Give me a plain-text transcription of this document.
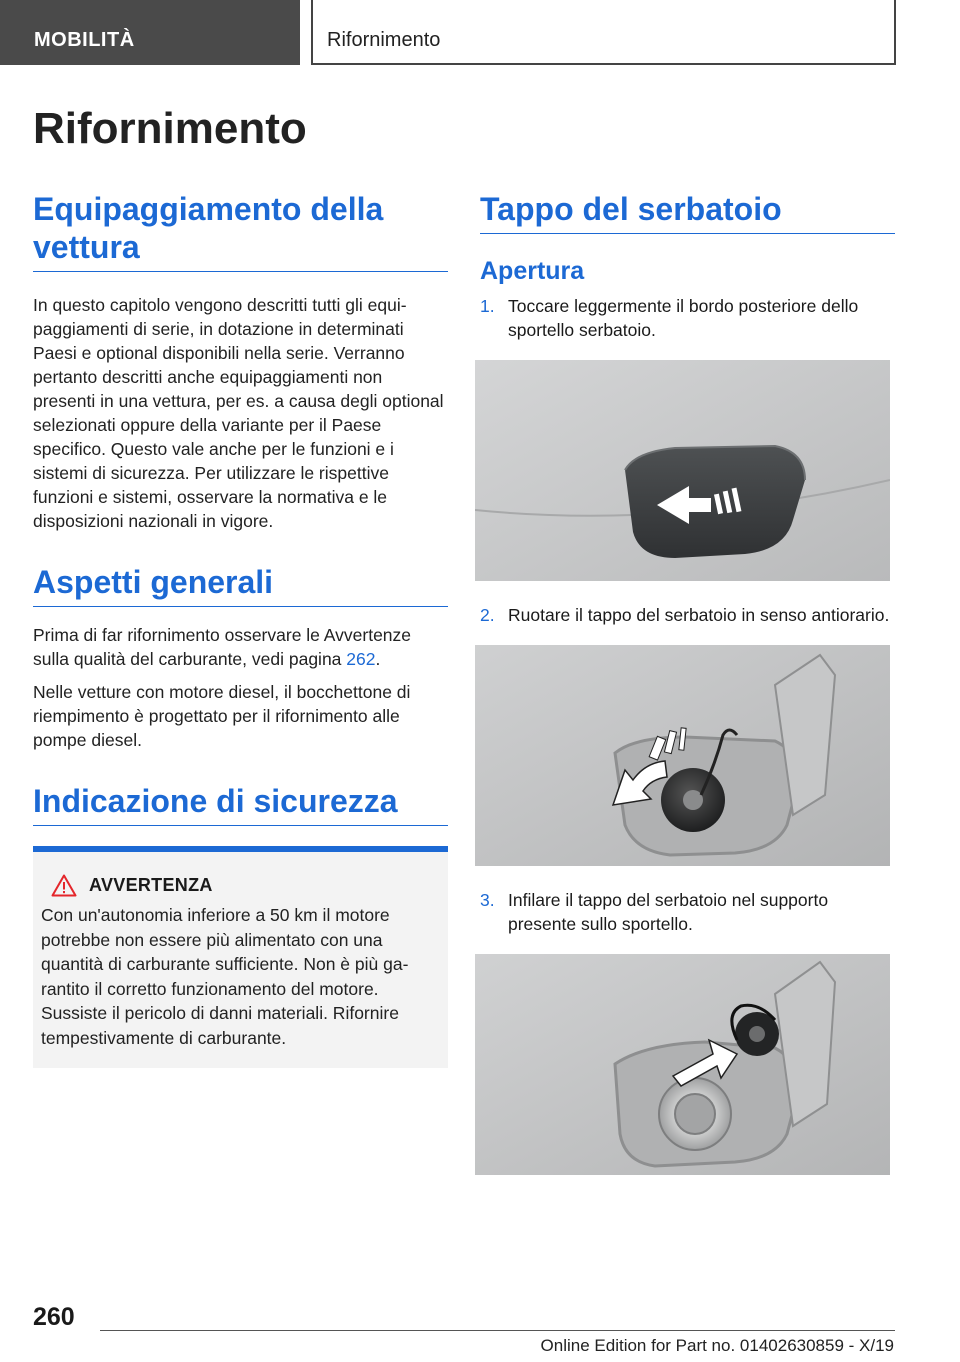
MOBILITÀ	Rifornimento
Rifornimento
Equipaggiamento della vettura

In questo capitolo vengono descritti tutti gli equipaggiamenti di serie, in dotazione in determinati Paesi e optional disponibili nella serie. Verranno pertanto descritti anche equipaggiamenti non presenti in una vettura, per es. a causa degli optional selezionati oppure della variante per il Paese specifico. Questo vale anche per le funzioni e i sistemi di sicurezza. Per utilizzare le rispettive funzioni e sistemi, osservare la normativa e le disposizioni nazionali in vigore.

Aspetti generali

Prima di far rifornimento osservare le Avvertenze sulla qualità del carburante, vedi pagina 262.

Nelle vetture con motore diesel, il bocchettone di riempimento è progettato per il rifornimento alle pompe diesel.

Indicazione di sicurezza
AVVERTENZA

Con un'autonomia inferiore a 50 km il motore potrebbe non essere più alimentato con una quantità di carburante sufficiente. Non è più garantito il corretto funzionamento del motore. Sussiste il pericolo di danni materiali. Rifornire tempestivamente di carburante.

Tappo del serbatoio
Apertura
1. Toccare leggermente il bordo posteriore dello sportello serbatoio.
2. Ruotare il tappo del serbatoio in senso antiorario.
3. Infilare il tappo del serbatoio nel supporto presente sullo sportello.
260
Online Edition for Part no. 01402630859 - X/19
